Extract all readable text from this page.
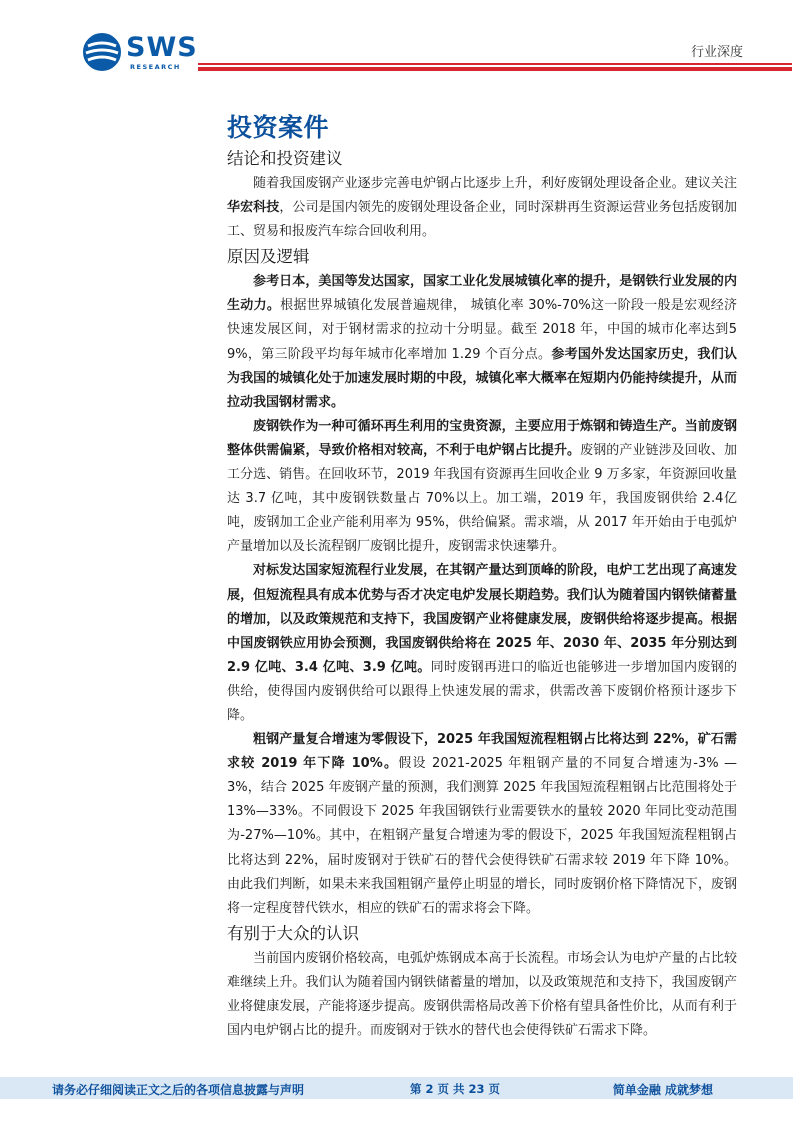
SWS
RESEARCH
行业深度
投资案件
结论和投资建议

随着我国废钢产业逐步完善电炉钢占比逐步上升，利好废钢处理设备企业。建议关注华宏科技，公司是国内领先的废钢处理设备企业，同时深耕再生资源运营业务包括废钢加工、贸易和报废汽车综合回收利用。

原因及逻辑

参考日本，美国等发达国家，国家工业化发展城镇化率的提升，是钢铁行业发展的内生动力。根据世界城镇化发展普遍规律， 城镇化率 30%-70%这一阶段一般是宏观经济快速发展区间，对于钢材需求的拉动十分明显。截至 2018 年，中国的城市化率达到59%，第三阶段平均每年城市化率增加 1.29 个百分点。参考国外发达国家历史，我们认为我国的城镇化处于加速发展时期的中段，城镇化率大概率在短期内仍能持续提升，从而拉动我国钢材需求。

废钢铁作为一种可循环再生利用的宝贵资源，主要应用于炼钢和铸造生产。当前废钢整体供需偏紧，导致价格相对较高，不利于电炉钢占比提升。废钢的产业链涉及回收、加工分选、销售。在回收环节，2019 年我国有资源再生回收企业 9 万多家，年资源回收量达 3.7 亿吨，其中废钢铁数量占 70%以上。加工端，2019 年，我国废钢供给 2.4亿吨，废钢加工企业产能利用率为 95%，供给偏紧。需求端，从 2017 年开始由于电弧炉产量增加以及长流程钢厂废钢比提升，废钢需求快速攀升。

对标发达国家短流程行业发展，在其钢产量达到顶峰的阶段，电炉工艺出现了高速发展，但短流程具有成本优势与否才决定电炉发展长期趋势。我们认为随着国内钢铁储蓄量的增加，以及政策规范和支持下，我国废钢产业将健康发展，废钢供给将逐步提高。根据中国废钢铁应用协会预测，我国废钢供给将在 2025 年、2030 年、2035 年分别达到 2.9 亿吨、3.4 亿吨、3.9 亿吨。同时废钢再进口的临近也能够进一步增加国内废钢的供给，使得国内废钢供给可以跟得上快速发展的需求，供需改善下废钢价格预计逐步下降。

粗钢产量复合增速为零假设下，2025 年我国短流程粗钢占比将达到 22%，矿石需求较 2019 年下降 10%。假设 2021-2025 年粗钢产量的不同复合增速为-3% — 3%，结合 2025 年废钢产量的预测，我们测算 2025 年我国短流程粗钢占比范围将处于 13%—33%。不同假设下 2025 年我国钢铁行业需要铁水的量较 2020 年同比变动范围为-27%—10%。其中，在粗钢产量复合增速为零的假设下，2025 年我国短流程粗钢占比将达到 22%，届时废钢对于铁矿石的替代会使得铁矿石需求较 2019 年下降 10%。由此我们判断，如果未来我国粗钢产量停止明显的增长，同时废钢价格下降情况下，废钢将一定程度替代铁水，相应的铁矿石的需求将会下降。

有别于大众的认识

当前国内废钢价格较高，电弧炉炼钢成本高于长流程。市场会认为电炉产量的占比较难继续上升。我们认为随着国内钢铁储蓄量的增加，以及政策规范和支持下，我国废钢产业将健康发展，产能将逐步提高。废钢供需格局改善下价格有望具备性价比，从而有利于国内电炉钢占比的提升。而废钢对于铁水的替代也会使得铁矿石需求下降。

请务必仔细阅读正文之后的各项信息披露与声明	第 2 页 共 23 页	简单金融 成就梦想
